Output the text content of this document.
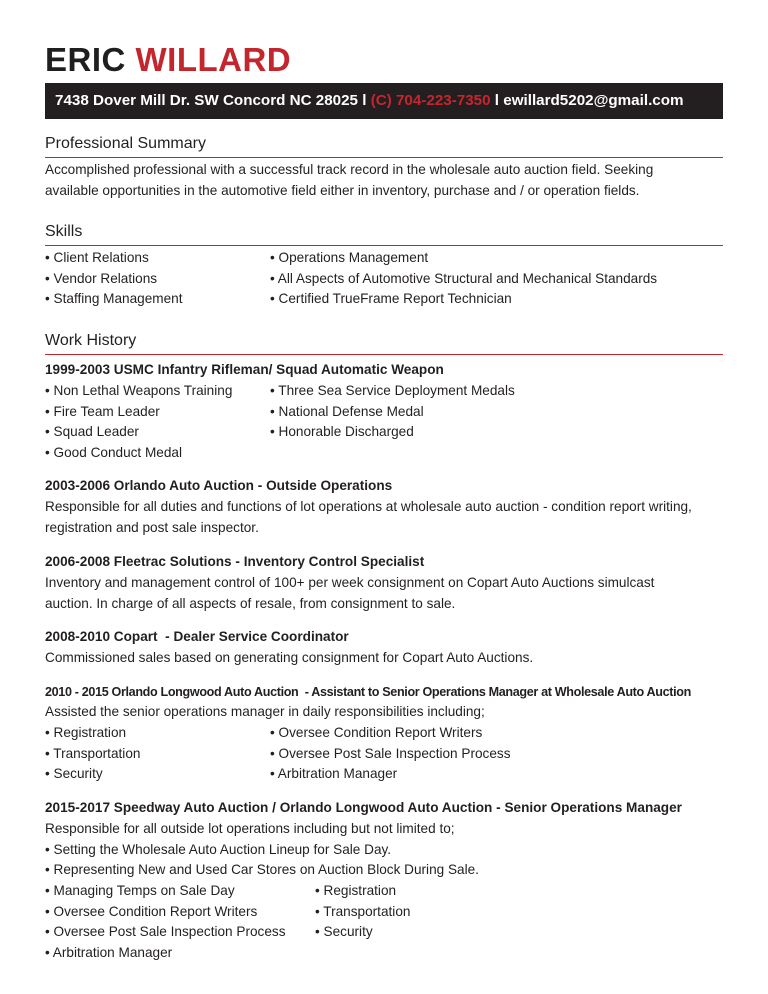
ERIC WILLARD
7438 Dover Mill Dr. SW Concord NC 28025 l (C) 704-223-7350 l ewillard5202@gmail.com
Professional Summary
Accomplished professional with a successful track record in the wholesale auto auction field. Seeking
available opportunities in the automotive field either in inventory, purchase and / or operation fields.
Skills
• Client Relations
• Vendor Relations
• Staffing Management
• Operations Management
• All Aspects of Automotive Structural and Mechanical Standards
• Certified TrueFrame Report Technician
Work History
1999-2003 USMC Infantry Rifleman/ Squad Automatic Weapon
• Non Lethal Weapons Training
• Fire Team Leader
• Squad Leader
• Good Conduct Medal
• Three Sea Service Deployment Medals
• National Defense Medal
• Honorable Discharged
2003-2006 Orlando Auto Auction - Outside Operations
Responsible for all duties and functions of lot operations at wholesale auto auction - condition report writing,
registration and post sale inspector.
2006-2008 Fleetrac Solutions - Inventory Control Specialist
Inventory and management control of 100+ per week consignment on Copart Auto Auctions simulcast
auction. In charge of all aspects of resale, from consignment to sale.
2008-2010 Copart  - Dealer Service Coordinator
Commissioned sales based on generating consignment for Copart Auto Auctions.
2010 - 2015 Orlando Longwood Auto Auction  - Assistant to Senior Operations Manager at Wholesale Auto Auction
Assisted the senior operations manager in daily responsibilities including;
• Registration
• Transportation
• Security
• Oversee Condition Report Writers
• Oversee Post Sale Inspection Process
• Arbitration Manager
2015-2017 Speedway Auto Auction / Orlando Longwood Auto Auction - Senior Operations Manager
Responsible for all outside lot operations including but not limited to;
• Setting the Wholesale Auto Auction Lineup for Sale Day.
• Representing New and Used Car Stores on Auction Block During Sale.
• Managing Temps on Sale Day
• Oversee Condition Report Writers
• Oversee Post Sale Inspection Process
• Arbitration Manager
• Registration
• Transportation
• Security
